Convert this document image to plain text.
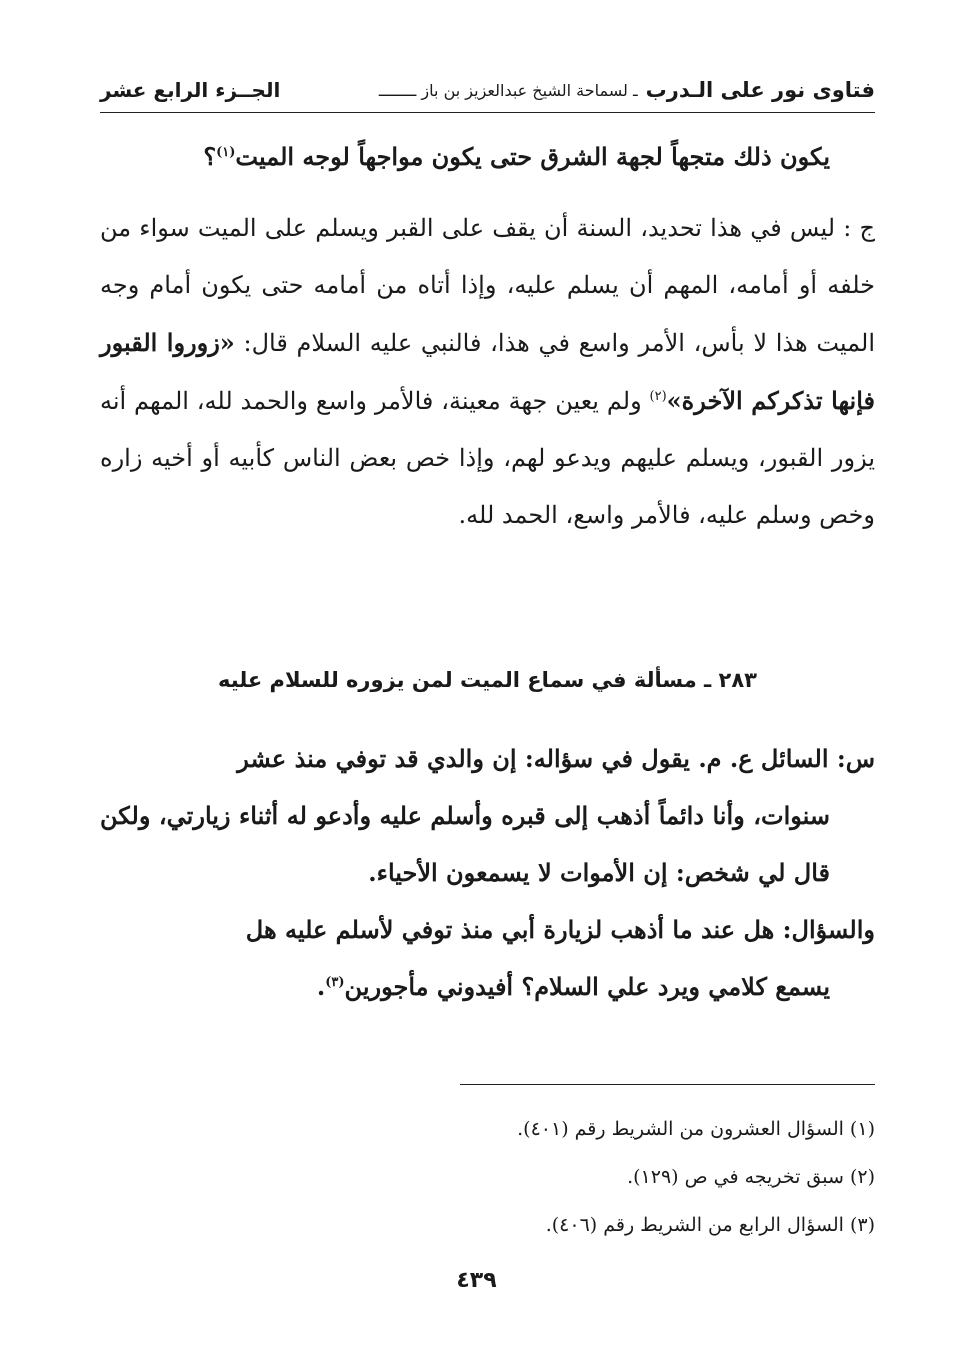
فتاوى نور على الـدرب
ـ لسماحة الشيخ عبدالعزيز بن باز ــــــــ
الجــزء الرابع عشر
يكون ذلك متجهاً لجهة الشرق حتى يكون مواجهاً لوجه الميت$^{(١)}$؟
ج : ليس في هذا تحديد، السنة أن يقف على القبر ويسلم على الميت سواء من خلفه أو أمامه، المهم أن يسلم عليه، وإذا أتاه من أمامه حتى يكون أمام وجه الميت هذا لا بأس، الأمر واسع في هذا، فالنبي عليه السلام قال: «زوروا القبور فإنها تذكركم الآخرة»$^{(٢)}$ ولم يعين جهة معينة، فالأمر واسع والحمد لله، المهم أنه يزور القبور، ويسلم عليهم ويدعو لهم، وإذا خص بعض الناس كأبيه أو أخيه زاره وخص وسلم عليه، فالأمر واسع، الحمد لله.
٢٨٣ ـ مسألة في سماع الميت لمن يزوره للسلام عليه
س: السائل ع. م. يقول في سؤاله: إن والدي قد توفي منذ عشر
سنوات، وأنا دائماً أذهب إلى قبره وأسلم عليه وأدعو له أثناء زيارتي، ولكن قال لي شخص: إن الأموات لا يسمعون الأحياء.
والسؤال: هل عند ما أذهب لزيارة أبي منذ توفي لأسلم عليه هل
يسمع كلامي ويرد علي السلام؟ أفيدوني مأجورين$^{(٣)}$.
(١) السؤال العشرون من الشريط رقم (٤٠١).
(٢) سبق تخريجه في ص (١٢٩).
(٣) السؤال الرابع من الشريط رقم (٤٠٦).
٤٣٩
